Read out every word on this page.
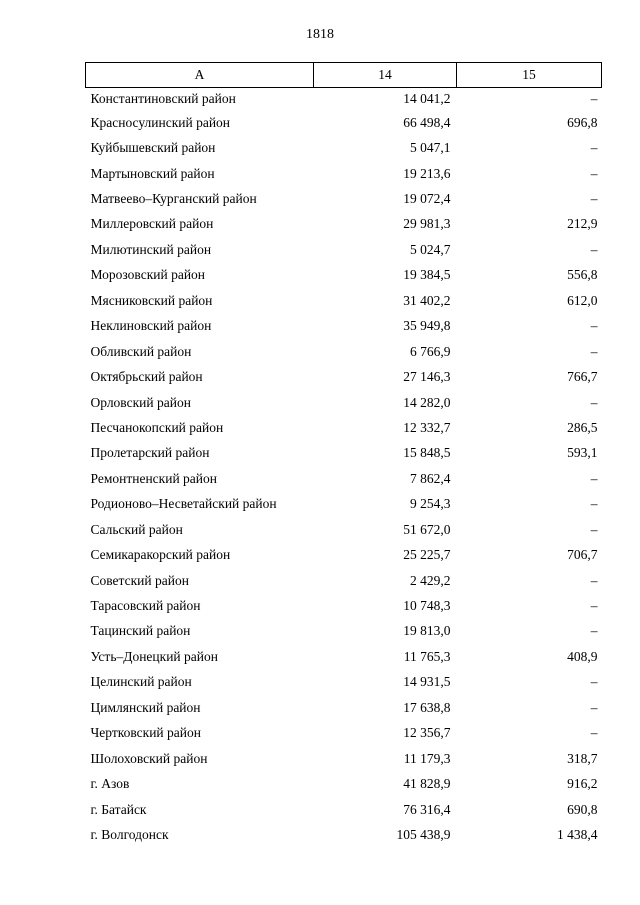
1818
А	14	15
Константиновский район	14 041,2	–
Красносулинский район	66 498,4	696,8
Куйбышевский район	5 047,1	–
Мартыновский район	19 213,6	–
Матвеево–Курганский район	19 072,4	–
Миллеровский район	29 981,3	212,9
Милютинский район	5 024,7	–
Морозовский район	19 384,5	556,8
Мясниковский район	31 402,2	612,0
Неклиновский район	35 949,8	–
Обливский район	6 766,9	–
Октябрьский район	27 146,3	766,7
Орловский район	14 282,0	–
Песчанокопский район	12 332,7	286,5
Пролетарский район	15 848,5	593,1
Ремонтненский район	7 862,4	–
Родионово–Несветайский район	9 254,3	–
Сальский район	51 672,0	–
Семикаракорский район	25 225,7	706,7
Советский район	2 429,2	–
Тарасовский район	10 748,3	–
Тацинский район	19 813,0	–
Усть–Донецкий район	11 765,3	408,9
Целинский район	14 931,5	–
Цимлянский район	17 638,8	–
Чертковский район	12 356,7	–
Шолоховский район	11 179,3	318,7
г. Азов	41 828,9	916,2
г. Батайск	76 316,4	690,8
г. Волгодонск	105 438,9	1 438,4
